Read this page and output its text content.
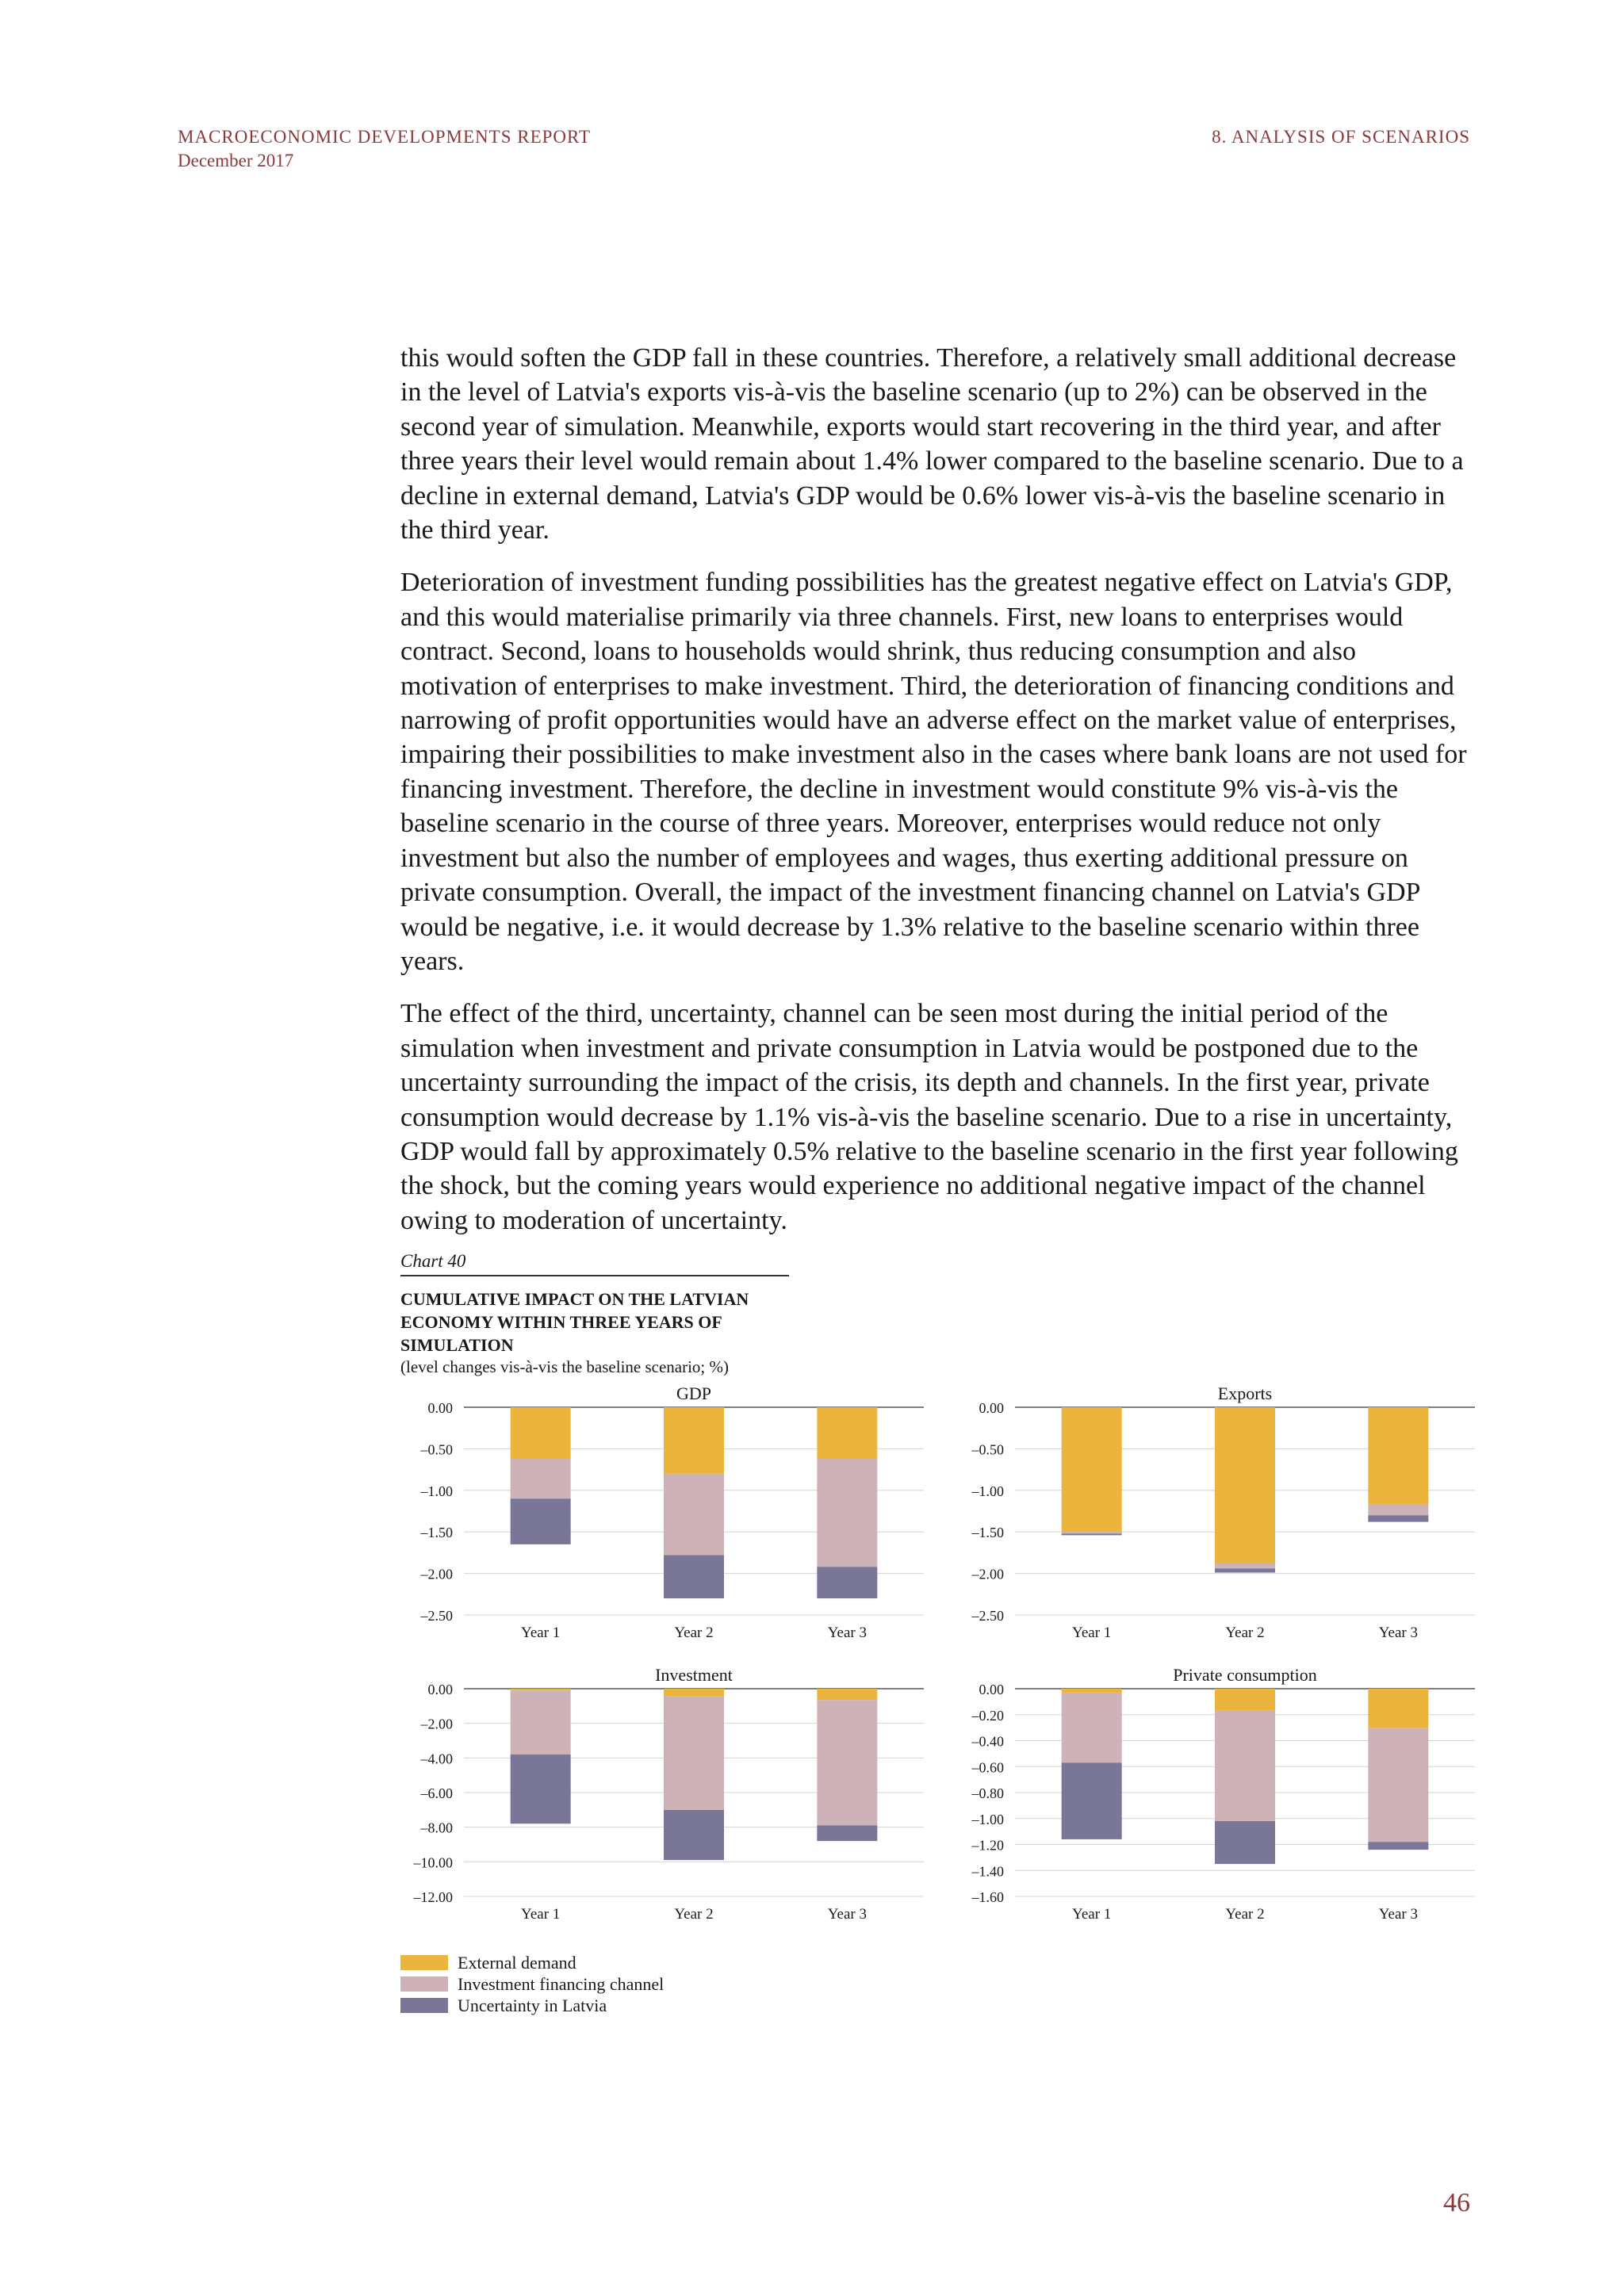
MACROECONOMIC DEVELOPMENTS REPORT
December 2017
8. ANALYSIS OF SCENARIOS

this would soften the GDP fall in these countries. Therefore, a relatively small additional decrease in the level of Latvia's exports vis-à-vis the baseline scenario (up to 2%) can be observed in the second year of simulation. Meanwhile, exports would start recovering in the third year, and after three years their level would remain about 1.4% lower compared to the baseline scenario. Due to a decline in external demand, Latvia's GDP would be 0.6% lower vis-à-vis the baseline scenario in the third year.

Deterioration of investment funding possibilities has the greatest negative effect on Latvia's GDP, and this would materialise primarily via three channels. First, new loans to enterprises would contract. Second, loans to households would shrink, thus reducing consumption and also motivation of enterprises to make investment. Third, the deterioration of financing conditions and narrowing of profit opportunities would have an adverse effect on the market value of enterprises, impairing their possibilities to make investment also in the cases where bank loans are not used for financing investment. Therefore, the decline in investment would constitute 9% vis-à-vis the baseline scenario in the course of three years. Moreover, enterprises would reduce not only investment but also the number of employees and wages, thus exerting additional pressure on private consumption. Overall, the impact of the investment financing channel on Latvia's GDP would be negative, i.e. it would decrease by 1.3% relative to the baseline scenario within three years.

The effect of the third, uncertainty, channel can be seen most during the initial period of the simulation when investment and private consumption in Latvia would be postponed due to the uncertainty surrounding the impact of the crisis, its depth and channels. In the first year, private consumption would decrease by 1.1% vis-à-vis the baseline scenario. Due to a rise in uncertainty, GDP would fall by approximately 0.5% relative to the baseline scenario in the first year following the shock, but the coming years would experience no additional negative impact of the channel owing to moderation of uncertainty.

Chart 40
CUMULATIVE IMPACT ON THE LATVIAN ECONOMY WITHIN THREE YEARS OF SIMULATION
(level changes vis-à-vis the baseline scenario; %)
GDP
0.00
–0.50
–1.00
–1.50
–2.00
–2.50
Year 1	Year 2	Year 3
Exports
0.00
–0.50
–1.00
–1.50
–2.00
–2.50
Year 1	Year 2	Year 3
Investment
0.00
–2.00
–4.00
–6.00
–8.00
–10.00
–12.00
Year 1	Year 2	Year 3
Private consumption
0.00
–0.20
–0.40
–0.60
–0.80
–1.00
–1.20
–1.40
–1.60
Year 1	Year 2	Year 3
External demand
Investment financing channel
Uncertainty in Latvia
46
